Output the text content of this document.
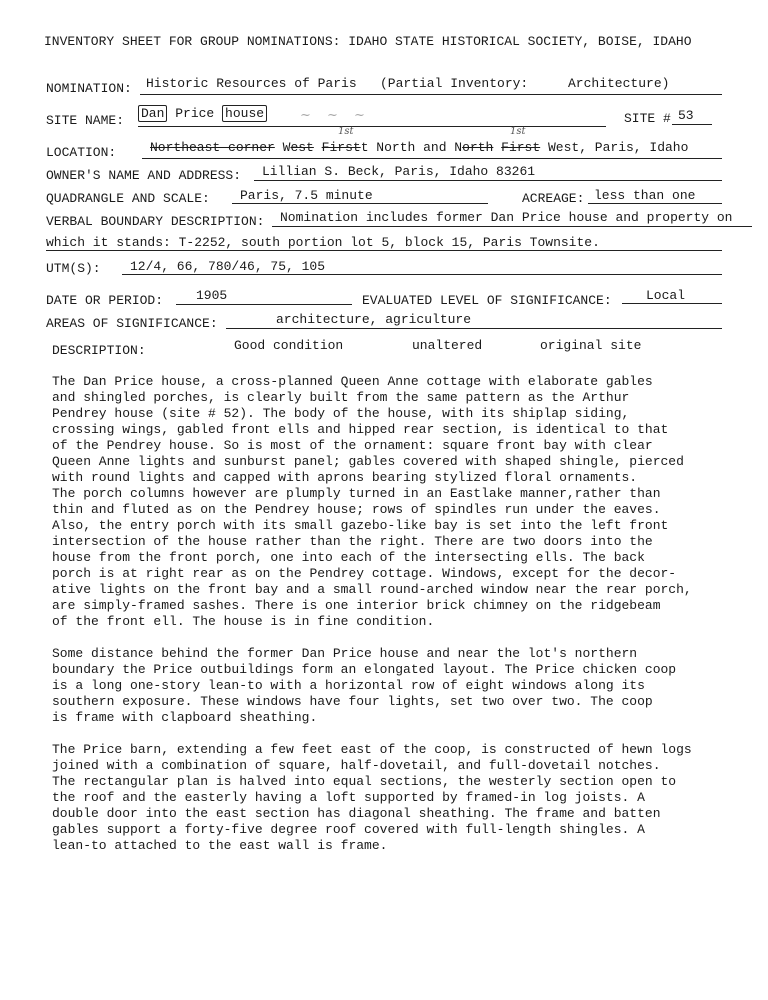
INVENTORY SHEET FOR GROUP NOMINATIONS: IDAHO STATE HISTORICAL SOCIETY, BOISE, IDAHO
NOMINATION: Historic Resources of Paris (Partial Inventory:	Architecture)
SITE NAME: Dan Price house	~ ~ ~	SITE # 53
LOCATION:	Northeast corner West Firstt North and North First West, Paris, Idaho
1st	1st
OWNER'S NAME AND ADDRESS: Lillian S. Beck, Paris, Idaho 83261
QUADRANGLE AND SCALE: Paris, 7.5 minute	ACREAGE: less than one
VERBAL BOUNDARY DESCRIPTION: Nomination includes former Dan Price house and property on
which it stands: T-2252, south portion lot 5, block 15, Paris Townsite.
UTM(S): 12/4, 66, 780/46, 75, 105
DATE OR PERIOD:	1905	EVALUATED LEVEL OF SIGNIFICANCE:	Local
AREAS OF SIGNIFICANCE:	architecture, agriculture
DESCRIPTION:	Good condition	unaltered	original site
The Dan Price house, a cross-planned Queen Anne cottage with elaborate gables
and shingled porches, is clearly built from the same pattern as the Arthur
Pendrey house (site # 52). The body of the house, with its shiplap siding,
crossing wings, gabled front ells and hipped rear section, is identical to that
of the Pendrey house. So is most of the ornament: square front bay with clear
Queen Anne lights and sunburst panel; gables covered with shaped shingle, pierced
with round lights and capped with aprons bearing stylized floral ornaments.
The porch columns however are plumply turned in an Eastlake manner,rather than
thin and fluted as on the Pendrey house; rows of spindles run under the eaves.
Also, the entry porch with its small gazebo-like bay is set into the left front
intersection of the house rather than the right. There are two doors into the
house from the front porch, one into each of the intersecting ells. The back
porch is at right rear as on the Pendrey cottage. Windows, except for the decor-
ative lights on the front bay and a small round-arched window near the rear porch,
are simply-framed sashes. There is one interior brick chimney on the ridgebeam
of the front ell. The house is in fine condition.
Some distance behind the former Dan Price house and near the lot's northern
boundary the Price outbuildings form an elongated layout. The Price chicken coop
is a long one-story lean-to with a horizontal row of eight windows along its
southern exposure. These windows have four lights, set two over two. The coop
is frame with clapboard sheathing.
The Price barn, extending a few feet east of the coop, is constructed of hewn logs
joined with a combination of square, half-dovetail, and full-dovetail notches.
The rectangular plan is halved into equal sections, the westerly section open to
the roof and the easterly having a loft supported by framed-in log joists. A
double door into the east section has diagonal sheathing. The frame and batten
gables support a forty-five degree roof covered with full-length shingles. A
lean-to attached to the east wall is frame.
